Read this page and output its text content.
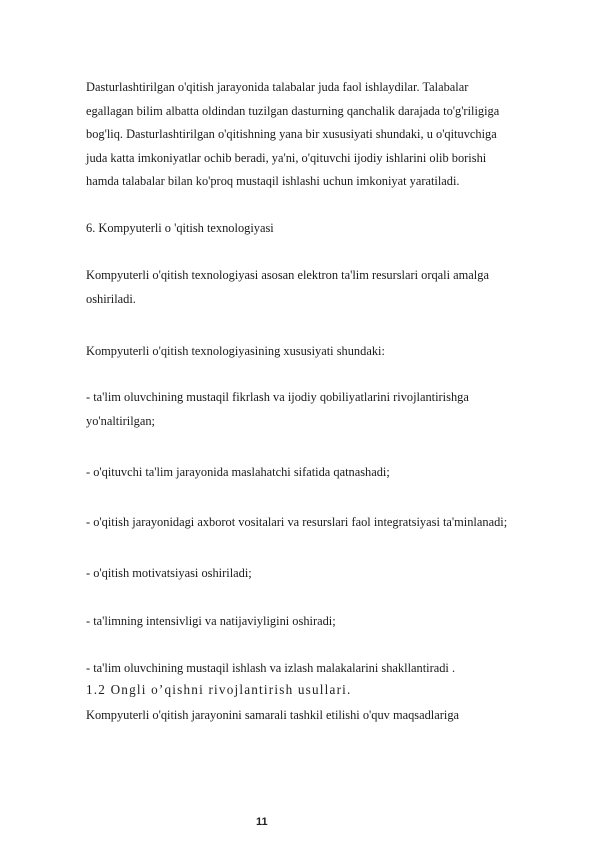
Dasturlashtirilgan o'qitish jarayonida talabalar juda faol ishlaydilar. Talabalar
egallagan bilim albatta oldindan tuzilgan dasturning qanchalik darajada to'g'riligiga
bog'liq. Dasturlashtirilgan o'qitishning yana bir xususiyati shundaki, u o'qituvchiga
juda katta imkoniyatlar ochib beradi, ya'ni, o'qituvchi ijodiy ishlarini olib borishi
hamda talabalar bilan ko'proq mustaqil ishlashi uchun imkoniyat yaratiladi.
6. Kompyuterli o 'qitish texnologiyasi
Kompyuterli o'qitish texnologiyasi asosan elektron ta'lim resurslari orqali amalga
oshiriladi.
Kompyuterli o'qitish texnologiyasining xususiyati shundaki:
- ta'lim oluvchining mustaqil fikrlash va ijodiy qobiliyatlarini rivojlantirishga
yo'naltirilgan;
- o'qituvchi ta'lim jarayonida maslahatchi sifatida qatnashadi;
- o'qitish jarayonidagi axborot vositalari va resurslari faol integratsiyasi ta'minlanadi;
- o'qitish motivatsiyasi oshiriladi;
- ta'limning intensivligi va natijaviyligini oshiradi;
- ta'lim oluvchining mustaqil ishlash va izlash malakalarini shakllantiradi .
1.2 Ongli o’qishni rivojlantirish usullari.
Kompyuterli o'qitish jarayonini samarali tashkil etilishi o'quv maqsadlariga
11
